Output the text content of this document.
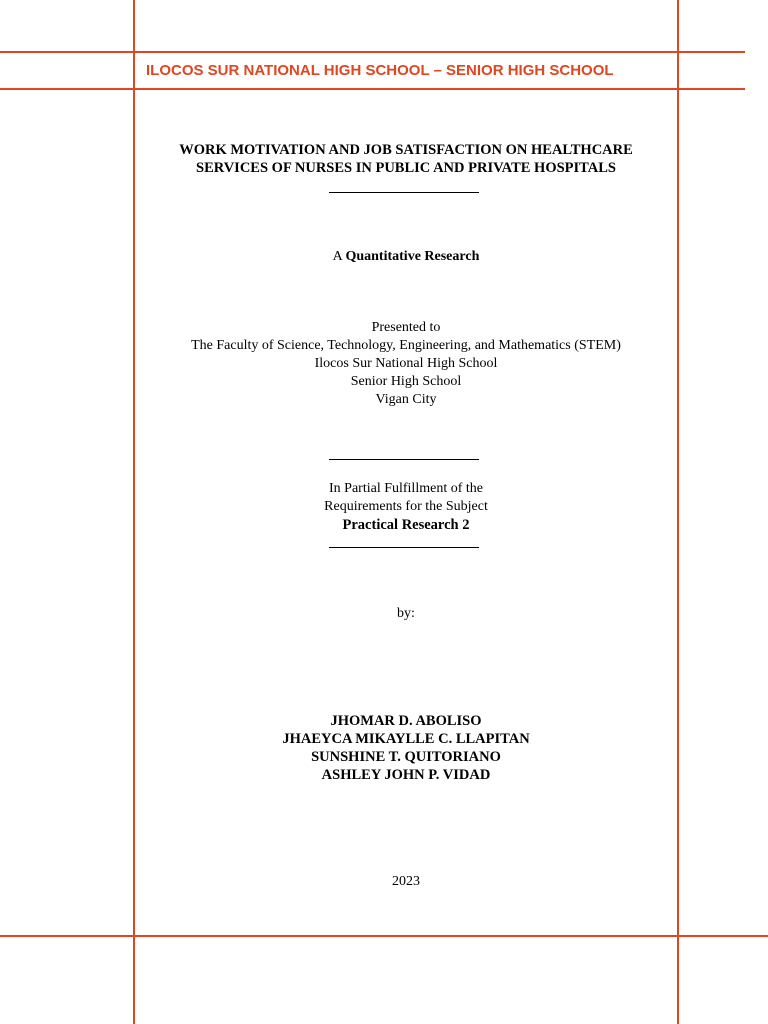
ILOCOS SUR NATIONAL HIGH SCHOOL – SENIOR HIGH SCHOOL
WORK MOTIVATION AND JOB SATISFACTION ON HEALTHCARE
SERVICES OF NURSES IN PUBLIC AND PRIVATE HOSPITALS
A Quantitative Research
Presented to
The Faculty of Science, Technology, Engineering, and Mathematics (STEM)
Ilocos Sur National High School
Senior High School
Vigan City
In Partial Fulfillment of the
Requirements for the Subject
Practical Research 2
by:
JHOMAR D. ABOLISO
JHAEYCA MIKAYLLE C. LLAPITAN
SUNSHINE T. QUITORIANO
ASHLEY JOHN P. VIDAD
2023
